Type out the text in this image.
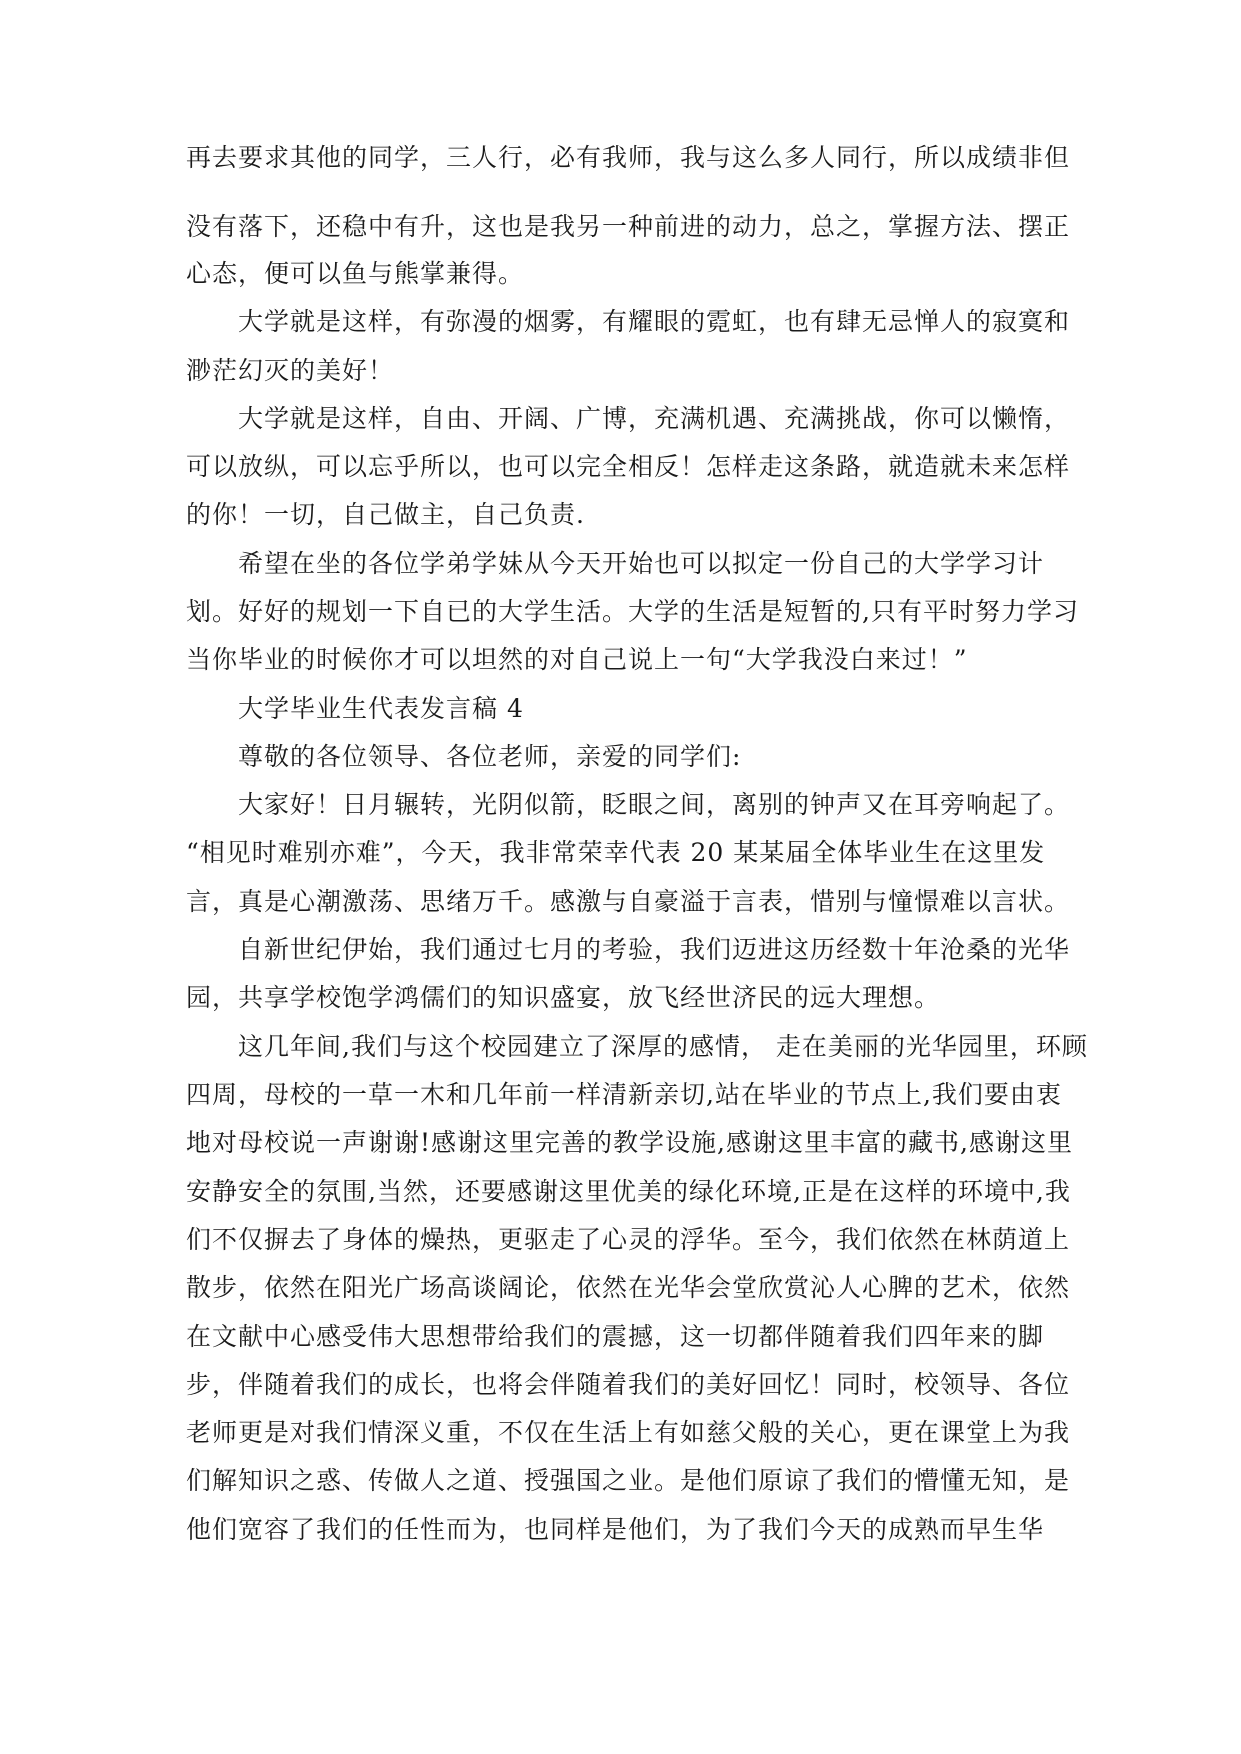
再去要求其他的同学，三人行，必有我师，我与这么多人同行，所以成绩非但
没有落下，还稳中有升，这也是我另一种前进的动力，总之，掌握方法、摆正
心态，便可以鱼与熊掌兼得。
大学就是这样，有弥漫的烟雾，有耀眼的霓虹，也有肆无忌惮人的寂寞和
渺茫幻灭的美好！
大学就是这样，自由、开阔、广博，充满机遇、充满挑战，你可以懒惰，
可以放纵，可以忘乎所以，也可以完全相反！怎样走这条路，就造就未来怎样
的你！一切，自己做主，自己负责.
希望在坐的各位学弟学妹从今天开始也可以拟定一份自己的大学学习计
划。好好的规划一下自已的大学生活。大学的生活是短暂的,只有平时努力学习
当你毕业的时候你才可以坦然的对自己说上一句“大学我没白来过！”
大学毕业生代表发言稿 4
尊敬的各位领导、各位老师，亲爱的同学们:
大家好！日月辗转，光阴似箭，眨眼之间，离别的钟声又在耳旁响起了。
“相见时难别亦难”，今天，我非常荣幸代表 20 某某届全体毕业生在这里发
言，真是心潮激荡、思绪万千。感激与自豪溢于言表，惜别与憧憬难以言状。
自新世纪伊始，我们通过七月的考验，我们迈进这历经数十年沧桑的光华
园，共享学校饱学鸿儒们的知识盛宴，放飞经世济民的远大理想。
这几年间,我们与这个校园建立了深厚的感情， 走在美丽的光华园里，环顾
四周，母校的一草一木和几年前一样清新亲切,站在毕业的节点上,我们要由衷
地对母校说一声谢谢!感谢这里完善的教学设施,感谢这里丰富的藏书,感谢这里
安静安全的氛围,当然，还要感谢这里优美的绿化环境,正是在这样的环境中,我
们不仅摒去了身体的燥热，更驱走了心灵的浮华。至今，我们依然在林荫道上
散步，依然在阳光广场高谈阔论，依然在光华会堂欣赏沁人心脾的艺术，依然
在文献中心感受伟大思想带给我们的震撼，这一切都伴随着我们四年来的脚
步，伴随着我们的成长，也将会伴随着我们的美好回忆！同时，校领导、各位
老师更是对我们情深义重，不仅在生活上有如慈父般的关心，更在课堂上为我
们解知识之惑、传做人之道、授强国之业。是他们原谅了我们的懵懂无知，是
他们宽容了我们的任性而为，也同样是他们，为了我们今天的成熟而早生华
